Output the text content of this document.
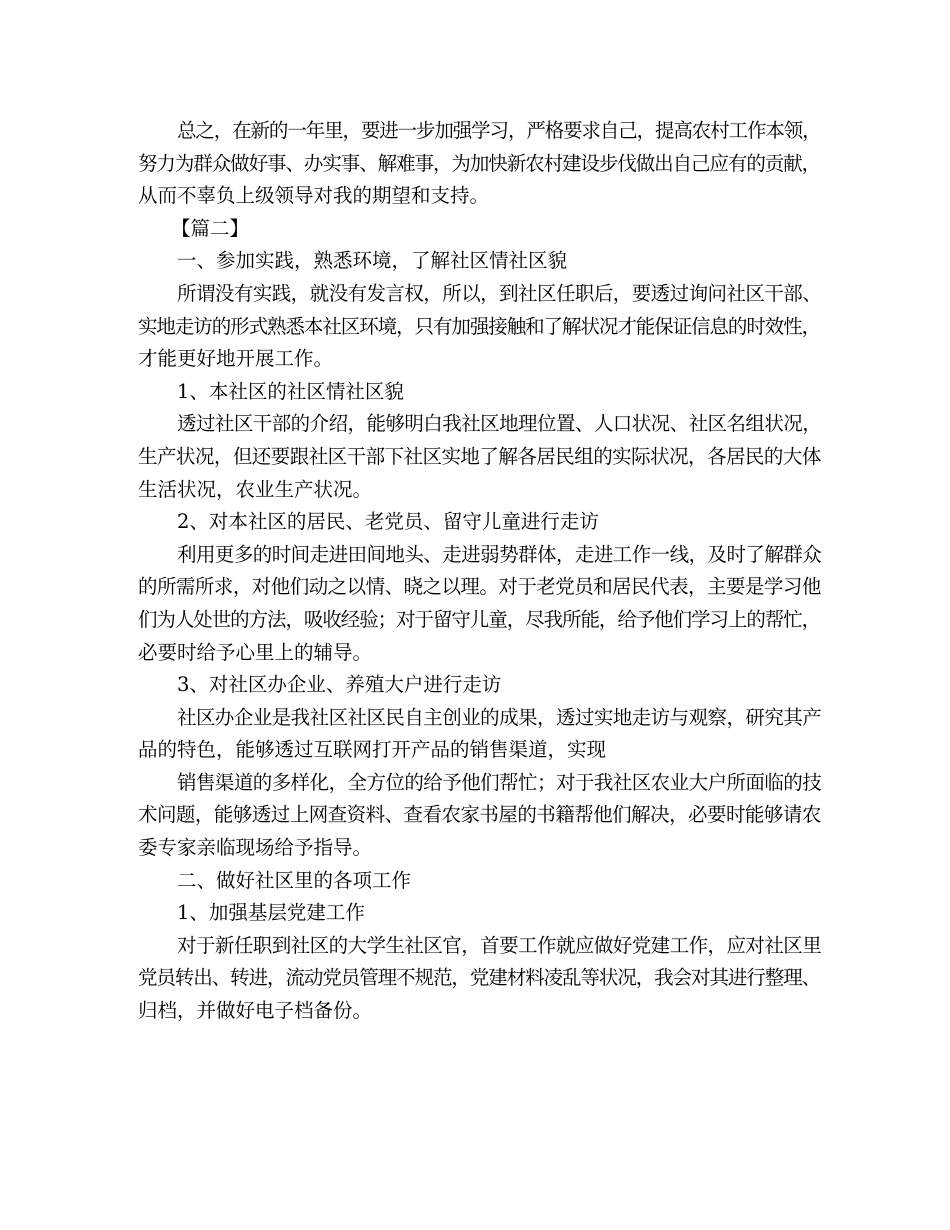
总之，在新的一年里，要进一步加强学习，严格要求自己，提高农村工作本领，
努力为群众做好事、办实事、解难事，为加快新农村建设步伐做出自己应有的贡献，
从而不辜负上级领导对我的期望和支持。
【篇二】
一、参加实践，熟悉环境，了解社区情社区貌
所谓没有实践，就没有发言权，所以，到社区任职后，要透过询问社区干部、
实地走访的形式熟悉本社区环境，只有加强接触和了解状况才能保证信息的时效性，
才能更好地开展工作。
1、本社区的社区情社区貌
透过社区干部的介绍，能够明白我社区地理位置、人口状况、社区名组状况，
生产状况，但还要跟社区干部下社区实地了解各居民组的实际状况，各居民的大体
生活状况，农业生产状况。
2、对本社区的居民、老党员、留守儿童进行走访
利用更多的时间走进田间地头、走进弱势群体，走进工作一线，及时了解群众
的所需所求，对他们动之以情、晓之以理。对于老党员和居民代表，主要是学习他
们为人处世的方法，吸收经验；对于留守儿童，尽我所能，给予他们学习上的帮忙，
必要时给予心里上的辅导。
3、对社区办企业、养殖大户进行走访
社区办企业是我社区社区民自主创业的成果，透过实地走访与观察，研究其产
品的特色，能够透过互联网打开产品的销售渠道，实现
销售渠道的多样化，全方位的给予他们帮忙；对于我社区农业大户所面临的技
术问题，能够透过上网查资料、查看农家书屋的书籍帮他们解决，必要时能够请农
委专家亲临现场给予指导。
二、做好社区里的各项工作
1、加强基层党建工作
对于新任职到社区的大学生社区官，首要工作就应做好党建工作，应对社区里
党员转出、转进，流动党员管理不规范，党建材料凌乱等状况，我会对其进行整理、
归档，并做好电子档备份。
